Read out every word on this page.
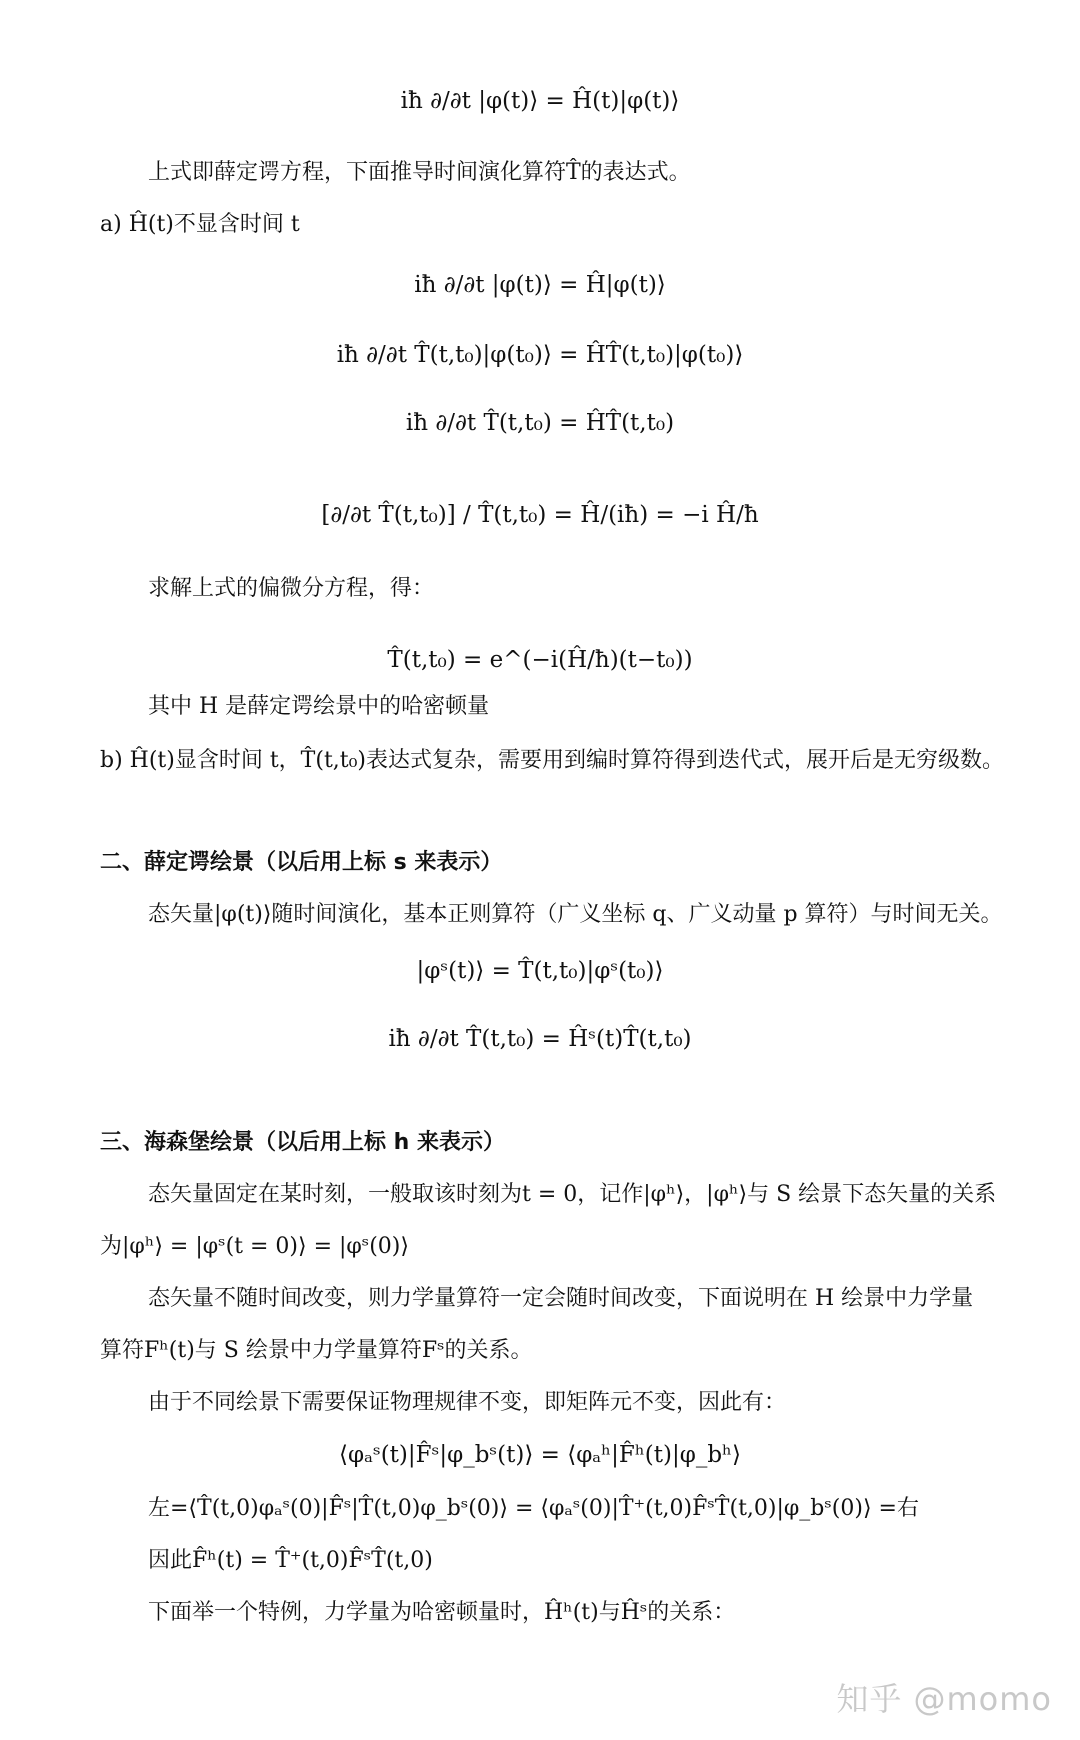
iħ ∂/∂t |φ(t)⟩ = Ĥ(t)|φ(t)⟩
上式即薛定谔方程，下面推导时间演化算符T̂的表达式。
a) Ĥ(t)不显含时间 t
iħ ∂/∂t |φ(t)⟩ = Ĥ|φ(t)⟩
iħ ∂/∂t T̂(t,t₀)|φ(t₀)⟩ = ĤT̂(t,t₀)|φ(t₀)⟩
iħ ∂/∂t T̂(t,t₀) = ĤT̂(t,t₀)
[∂/∂t T̂(t,t₀)] / T̂(t,t₀) = Ĥ/(iħ) = −i Ĥ/ħ
求解上式的偏微分方程，得：
T̂(t,t₀) = e^(−i(Ĥ/ħ)(t−t₀))
其中 H 是薛定谔绘景中的哈密顿量
b) Ĥ(t)显含时间 t，T̂(t,t₀)表达式复杂，需要用到编时算符得到迭代式，展开后是无穷级数。
二、薛定谔绘景（以后用上标 s 来表示）
态矢量|φ(t)⟩随时间演化，基本正则算符（广义坐标 q、广义动量 p 算符）与时间无关。
|φˢ(t)⟩ = T̂(t,t₀)|φˢ(t₀)⟩
iħ ∂/∂t T̂(t,t₀) = Ĥˢ(t)T̂(t,t₀)
三、海森堡绘景（以后用上标 h 来表示）
态矢量固定在某时刻，一般取该时刻为t = 0，记作|φʰ⟩，|φʰ⟩与 S 绘景下态矢量的关系
为|φʰ⟩ = |φˢ(t = 0)⟩ = |φˢ(0)⟩
态矢量不随时间改变，则力学量算符一定会随时间改变，下面说明在 H 绘景中力学量
算符Fʰ(t)与 S 绘景中力学量算符Fˢ的关系。
由于不同绘景下需要保证物理规律不变，即矩阵元不变，因此有：
⟨φₐˢ(t)|F̂ˢ|φ_bˢ(t)⟩ = ⟨φₐʰ|F̂ʰ(t)|φ_bʰ⟩
左=⟨T̂(t,0)φₐˢ(0)|F̂ˢ|T̂(t,0)φ_bˢ(0)⟩ = ⟨φₐˢ(0)|T̂⁺(t,0)F̂ˢT̂(t,0)|φ_bˢ(0)⟩ =右
因此F̂ʰ(t) = T̂⁺(t,0)F̂ˢT̂(t,0)
下面举一个特例，力学量为哈密顿量时，Ĥʰ(t)与Ĥˢ的关系：
知乎 @momo
